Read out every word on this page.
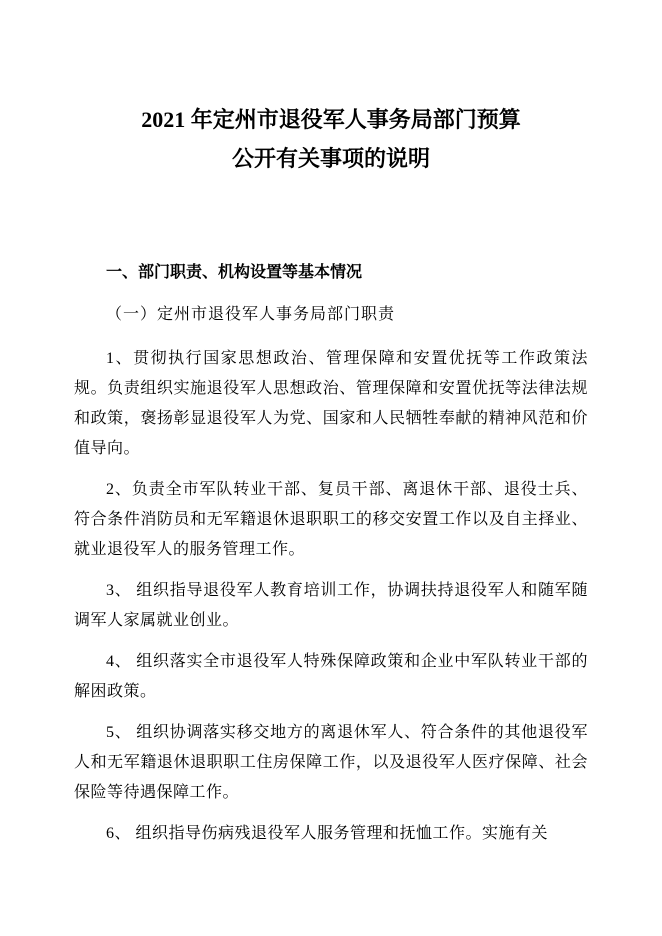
2021 年定州市退役军人事务局部门预算
公开有关事项的说明
一、部门职责、机构设置等基本情况
（一）定州市退役军人事务局部门职责

1、贯彻执行国家思想政治、管理保障和安置优抚等工作政策法规。负责组织实施退役军人思想政治、管理保障和安置优抚等法律法规和政策，褒扬彰显退役军人为党、国家和人民牺牲奉献的精神风范和价值导向。

2、负责全市军队转业干部、复员干部、离退休干部、退役士兵、符合条件消防员和无军籍退休退职职工的移交安置工作以及自主择业、就业退役军人的服务管理工作。

3、 组织指导退役军人教育培训工作，协调扶持退役军人和随军随调军人家属就业创业。

4、 组织落实全市退役军人特殊保障政策和企业中军队转业干部的解困政策。

5、 组织协调落实移交地方的离退休军人、符合条件的其他退役军人和无军籍退休退职职工住房保障工作，以及退役军人医疗保障、社会保险等待遇保障工作。

6、 组织指导伤病残退役军人服务管理和抚恤工作。实施有关
